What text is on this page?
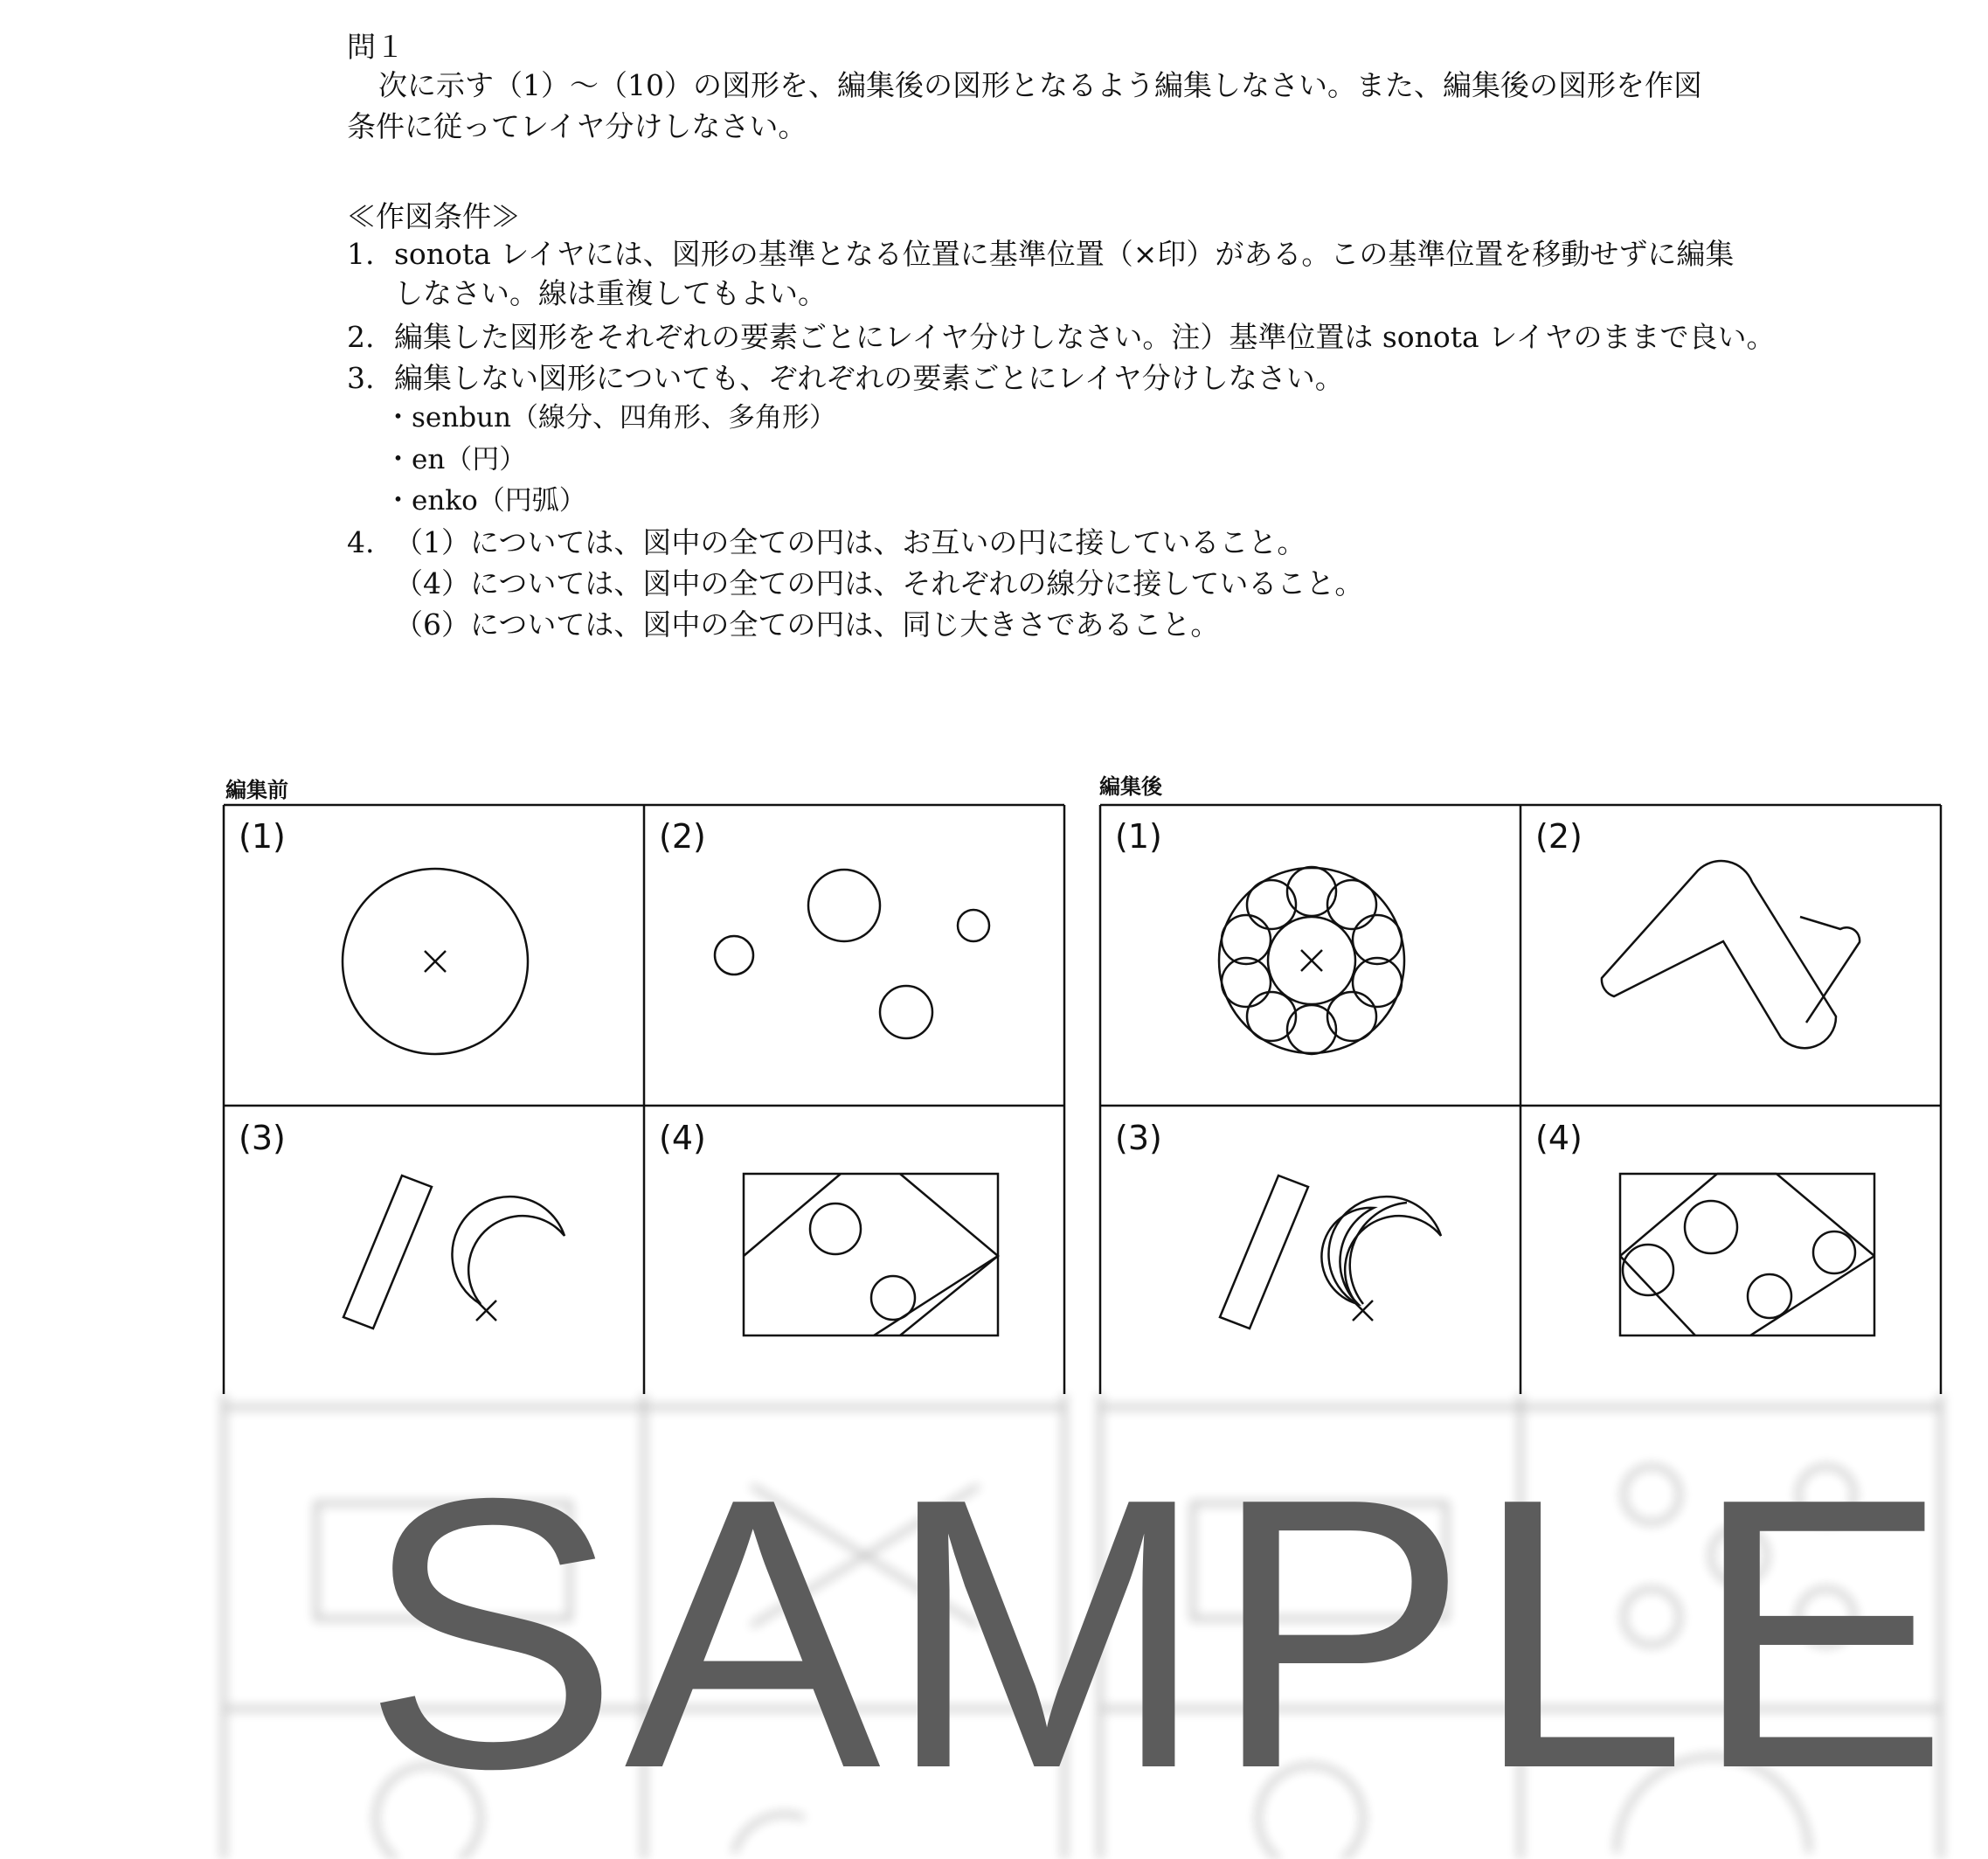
問１
次に示す（1）～（10）の図形を、編集後の図形となるよう編集しなさい。また、編集後の図形を作図
条件に従ってレイヤ分けしなさい。
≪作図条件≫
1. sonota レイヤには、図形の基準となる位置に基準位置（×印）がある。この基準位置を移動せずに編集
しなさい。線は重複してもよい。
2. 編集した図形をそれぞれの要素ごとにレイヤ分けしなさい。注）基準位置は sonota レイヤのままで良い。
3. 編集しない図形についても、ぞれぞれの要素ごとにレイヤ分けしなさい。
・senbun（線分、四角形、多角形）
・en（円）
・enko（円弧）
4. （1）については、図中の全ての円は、お互いの円に接していること。
（4）については、図中の全ての円は、それぞれの線分に接していること。
（6）については、図中の全ての円は、同じ大きさであること。
編集前	編集後
(1)	(2)
(3)	(4)
(1)	(2)
(3)	(4)
SAMPLE
